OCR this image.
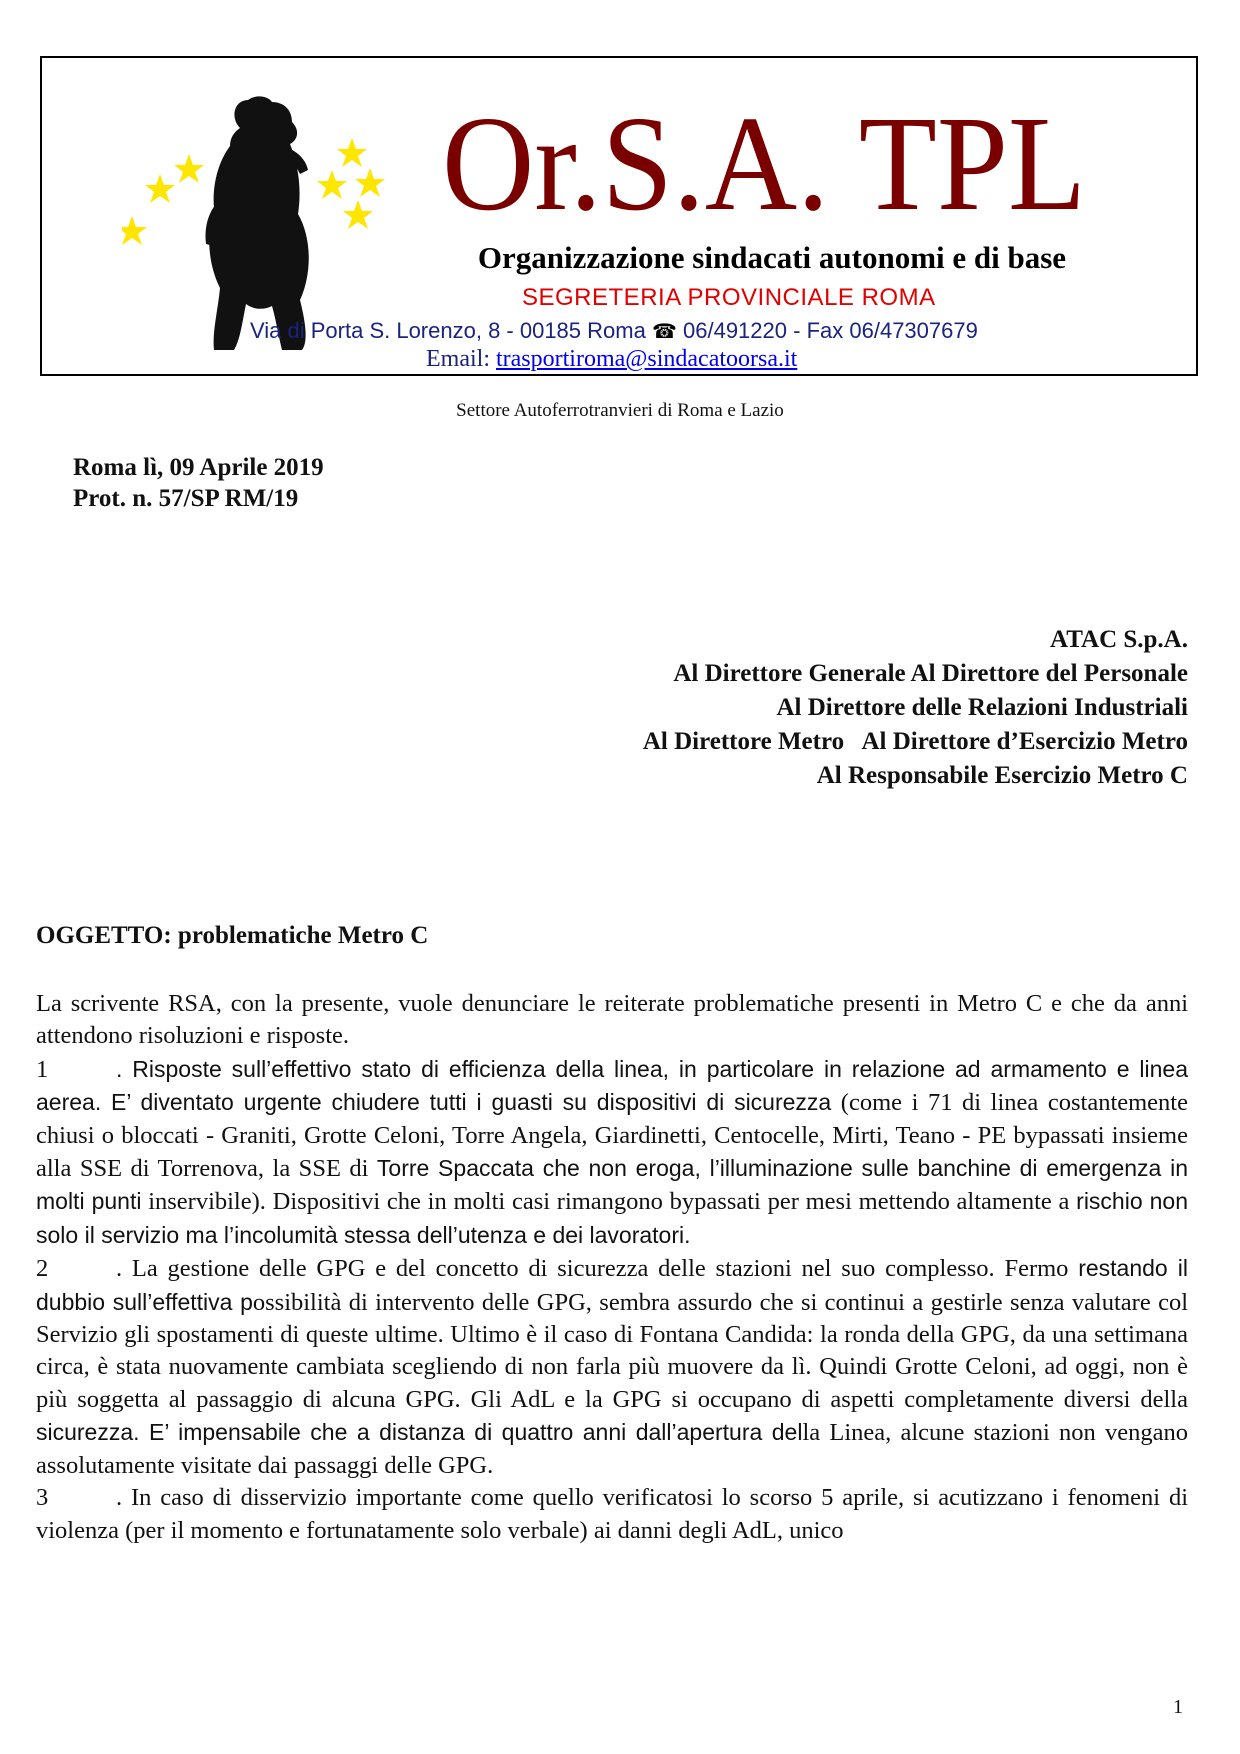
Or.S.A. TPL
Organizzazione sindacati autonomi e di base
SEGRETERIA PROVINCIALE ROMA
Via di Porta S. Lorenzo, 8 - 00185 Roma ☎ 06/491220 - Fax 06/47307679
Email: trasportiroma@sindacatoorsa.it
Settore Autoferrotranvieri di Roma e Lazio
Roma lì, 09 Aprile 2019
Prot. n. 57/SP RM/19
ATAC S.p.A.
Al Direttore Generale Al Direttore del Personale
Al Direttore delle Relazioni Industriali
Al Direttore Metro   Al Direttore d’Esercizio Metro
Al Responsabile Esercizio Metro C
OGGETTO: problematiche Metro C

La scrivente RSA, con la presente, vuole denunciare le reiterate problematiche presenti in Metro C e che da anni attendono risoluzioni e risposte.

1	. Risposte sull’effettivo stato di efficienza della linea, in particolare in relazione ad armamento e linea aerea. E’ diventato urgente chiudere tutti i guasti su dispositivi di sicurezza (come i 71 di linea costantemente chiusi o bloccati - Graniti, Grotte Celoni, Torre Angela, Giardinetti, Centocelle, Mirti, Teano - PE bypassati insieme alla SSE di Torrenova, la SSE di Torre Spaccata che non eroga, l’illuminazione sulle banchine di emergenza in molti punti inservibile). Dispositivi che in molti casi rimangono bypassati per mesi mettendo altamente a rischio non solo il servizio ma l’incolumità stessa dell’utenza e dei lavoratori.

2	. La gestione delle GPG e del concetto di sicurezza delle stazioni nel suo complesso. Fermo restando il dubbio sull’effettiva possibilità di intervento delle GPG, sembra assurdo che si continui a gestirle senza valutare col Servizio gli spostamenti di queste ultime. Ultimo è il caso di Fontana Candida: la ronda della GPG, da una settimana circa, è stata nuovamente cambiata scegliendo di non farla più muovere da lì. Quindi Grotte Celoni, ad oggi, non è più soggetta al passaggio di alcuna GPG. Gli AdL e la GPG si occupano di aspetti completamente diversi della sicurezza. E’ impensabile che a distanza di quattro anni dall’apertura della Linea, alcune stazioni non vengano assolutamente visitate dai passaggi delle GPG.

3	. In caso di disservizio importante come quello verificatosi lo scorso 5 aprile, si acutizzano i fenomeni di violenza (per il momento e fortunatamente solo verbale) ai danni degli AdL, unico

1
